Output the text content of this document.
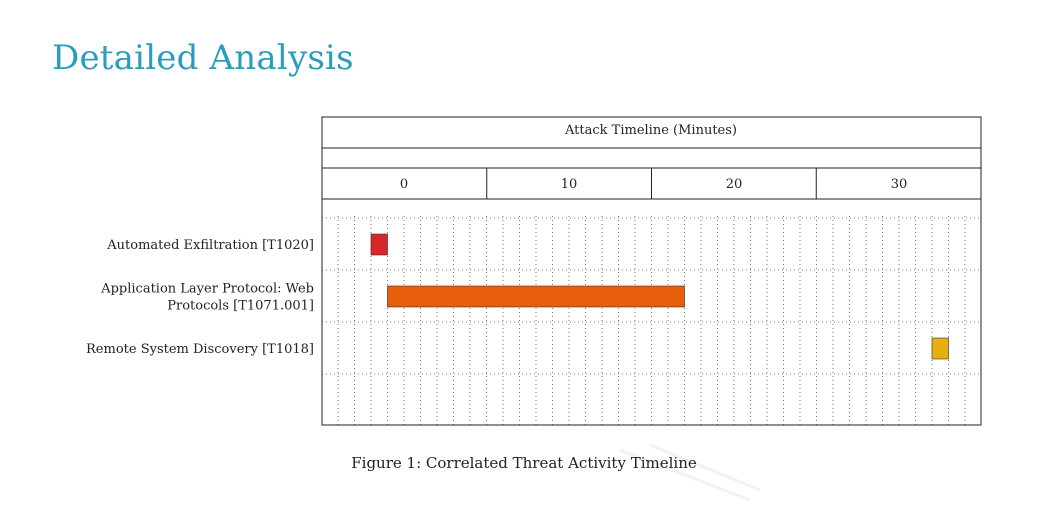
Detailed Analysis
Attack Timeline (Minutes)
0	10	20	30
Automated Exfiltration [T1020]
Application Layer Protocol: Web Protocols [T1071.001]
Remote System Discovery [T1018]
Figure 1: Correlated Threat Activity Timeline
